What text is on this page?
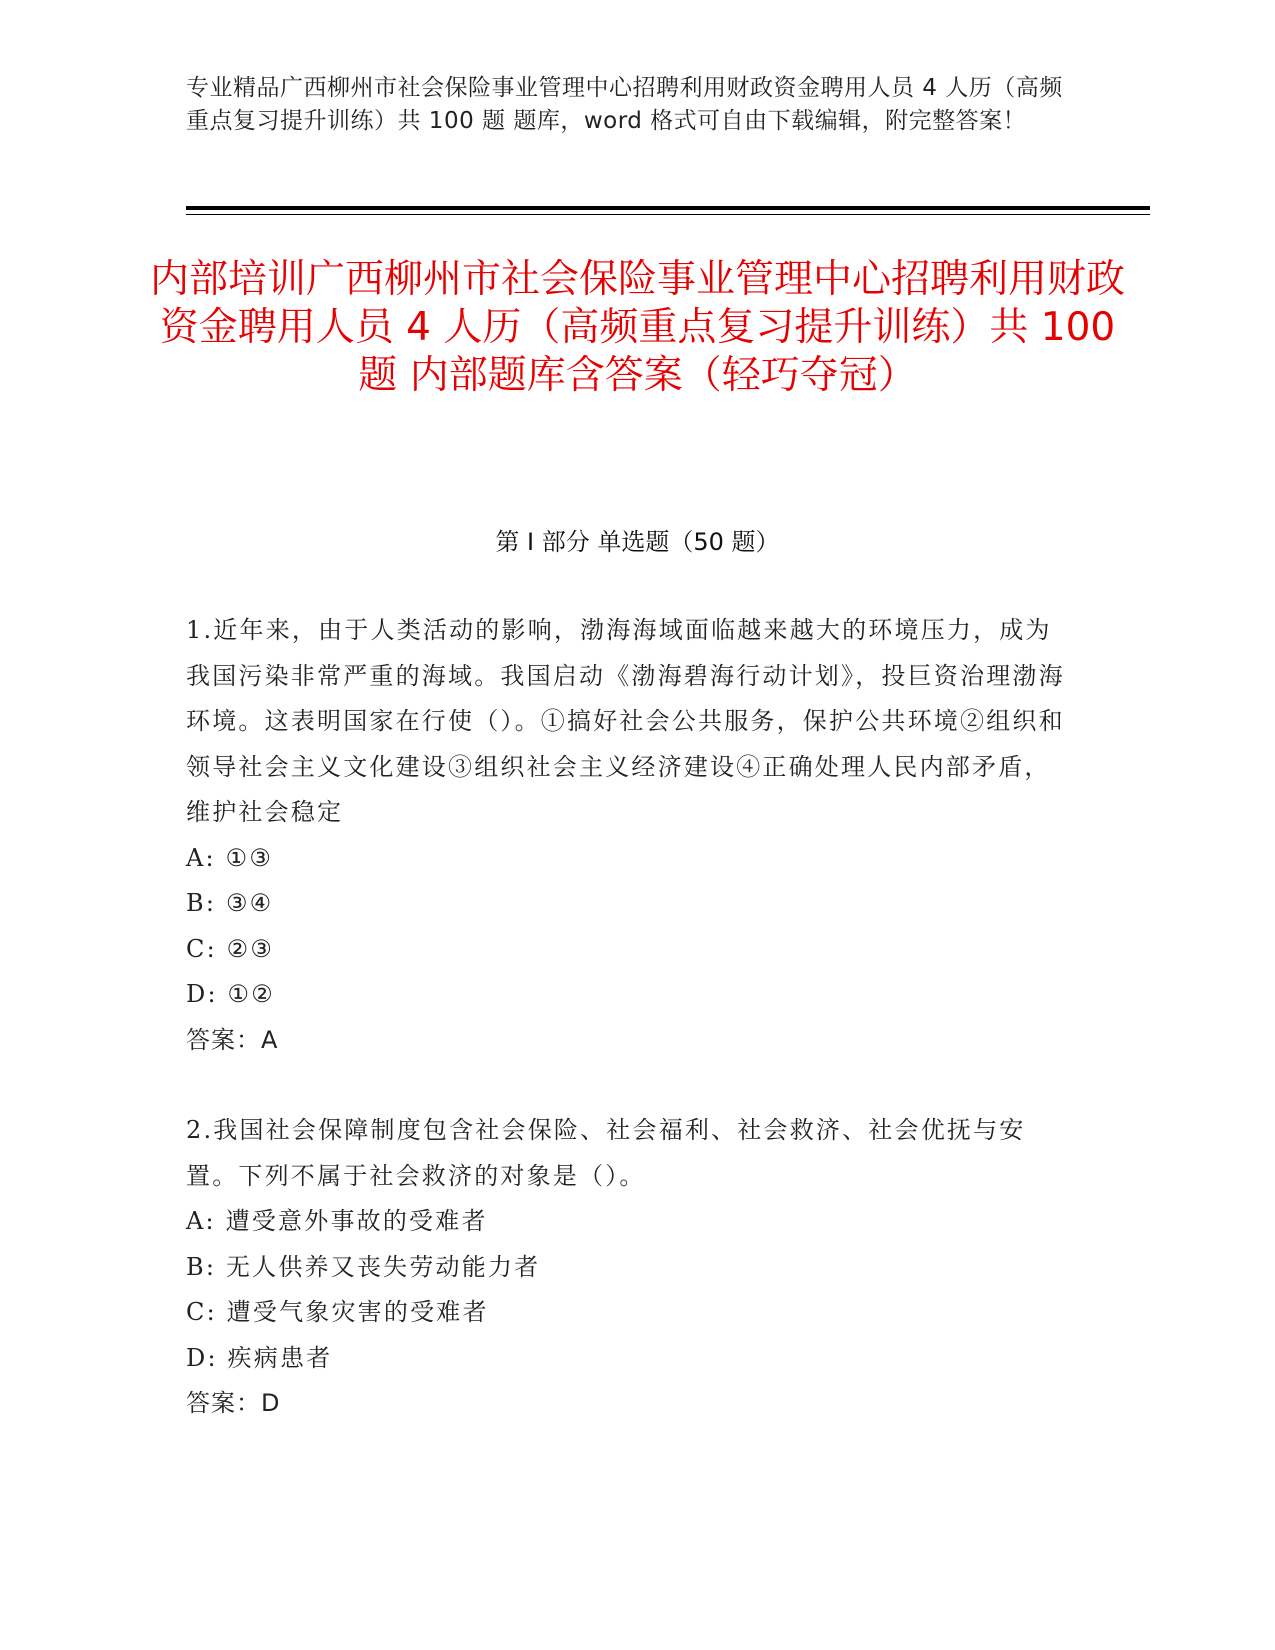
专业精品广西柳州市社会保险事业管理中心招聘利用财政资金聘用人员 4 人历（高频重点复习提升训练）共 100 题 题库，word 格式可自由下载编辑，附完整答案！
内部培训广西柳州市社会保险事业管理中心招聘利用财政资金聘用人员 4 人历（高频重点复习提升训练）共 100 题 内部题库含答案（轻巧夺冠）
第 I 部分 单选题（50 题）

1.近年来，由于人类活动的影响，渤海海域面临越来越大的环境压力，成为我国污染非常严重的海域。我国启动《渤海碧海行动计划》，投巨资治理渤海环境。这表明国家在行使（）。①搞好社会公共服务，保护公共环境②组织和领导社会主义文化建设③组织社会主义经济建设④正确处理人民内部矛盾，维护社会稳定

A: ①③

B: ③④

C: ②③

D: ①②

答案：A

2.我国社会保障制度包含社会保险、社会福利、社会救济、社会优抚与安置。下列不属于社会救济的对象是（）。

A: 遭受意外事故的受难者

B: 无人供养又丧失劳动能力者

C: 遭受气象灾害的受难者

D: 疾病患者

答案：D
